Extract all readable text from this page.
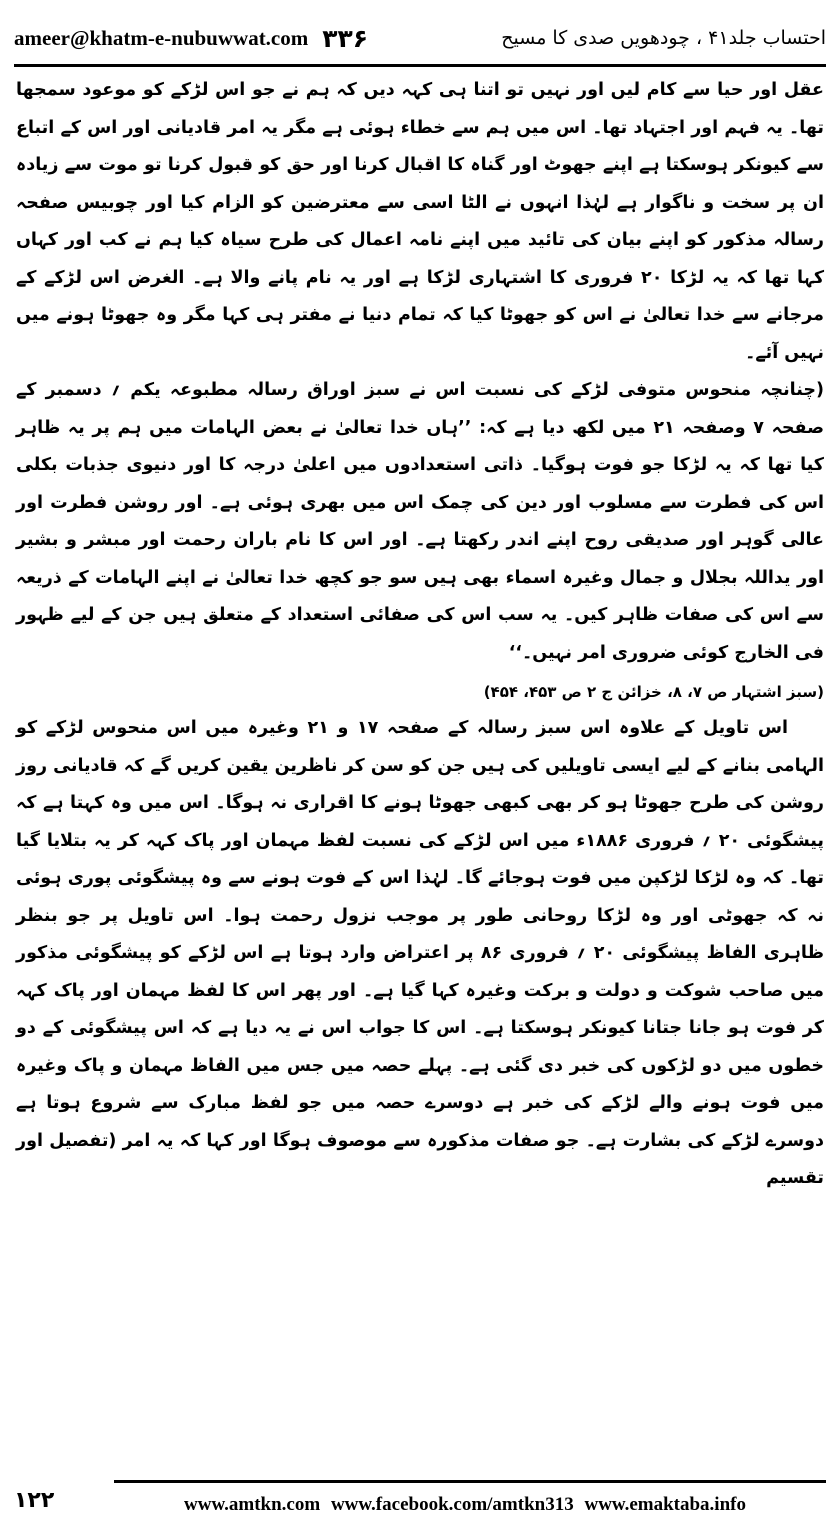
ameer@khatm-e-nubuwwat.com ۳۳۶	احتساب جلد۴۱ ، چودھویں صدی کا مسیح

عقل اور حیا سے کام لیں اور نہیں تو اتنا ہی کہہ دیں کہ ہم نے جو اس لڑکے کو موعود سمجھا تھا۔ یہ فہم اور اجتہاد تھا۔ اس میں ہم سے خطاء ہوئی ہے مگر یہ امر قادیانی اور اس کے اتباع سے کیونکر ہوسکتا ہے اپنے جھوٹ اور گناہ کا اقبال کرنا اور حق کو قبول کرنا تو موت سے زیادہ ان پر سخت و ناگوار ہے لہٰذا انہوں نے الٹا اسی سے معترضین کو الزام کیا اور چوبیس صفحہ رسالہ مذکور کو اپنے بیان کی تائید میں اپنے نامہ اعمال کی طرح سیاہ کیا ہم نے کب اور کہاں کہا تھا کہ یہ لڑکا ۲۰ فروری کا اشتہاری لڑکا ہے اور یہ نام پانے والا ہے۔ الغرض اس لڑکے کے مرجانے سے خدا تعالیٰ نے اس کو جھوٹا کیا کہ تمام دنیا نے مفتر ہی کہا مگر وہ جھوٹا ہونے میں نہیں آئے۔

(چنانچہ منحوس متوفی لڑکے کی نسبت اس نے سبز اوراق رسالہ مطبوعہ یکم ؍ دسمبر کے صفحہ ۷ وصفحہ ۲۱ میں لکھ دیا ہے کہ: ’’ہاں خدا تعالیٰ نے بعض الہامات میں ہم پر یہ ظاہر کیا تھا کہ یہ لڑکا جو فوت ہوگیا۔ ذاتی استعدادوں میں اعلیٰ درجہ کا اور دنیوی جذبات بکلی اس کی فطرت سے مسلوب اور دین کی چمک اس میں بھری ہوئی ہے۔ اور روشن فطرت اور عالی گوہر اور صدیقی روح اپنے اندر رکھتا ہے۔ اور اس کا نام باران رحمت اور مبشر و بشیر اور یداللہ بجلال و جمال وغیرہ اسماء بھی ہیں سو جو کچھ خدا تعالیٰ نے اپنے الہامات کے ذریعہ سے اس کی صفات ظاہر کیں۔ یہ سب اس کی صفائی استعداد کے متعلق ہیں جن کے لیے ظہور فی الخارج کوئی ضروری امر نہیں۔‘‘

(سبز اشتہار ص ۷، ۸، خزائن ج ۲ ص ۴۵۳، ۴۵۴)

اس تاویل کے علاوہ اس سبز رسالہ کے صفحہ ۱۷ و ۲۱ وغیرہ میں اس منحوس لڑکے کو الہامی بنانے کے لیے ایسی تاویلیں کی ہیں جن کو سن کر ناظرین یقین کریں گے کہ قادیانی روز روشن کی طرح جھوٹا ہو کر بھی کبھی جھوٹا ہونے کا اقراری نہ ہوگا۔ اس میں وہ کہتا ہے کہ پیشگوئی ۲۰ ؍ فروری ۱۸۸۶ء میں اس لڑکے کی نسبت لفظ مہمان اور پاک کہہ کر یہ بتلایا گیا تھا۔ کہ وہ لڑکا لڑکپن میں فوت ہوجائے گا۔ لہٰذا اس کے فوت ہونے سے وہ پیشگوئی پوری ہوئی نہ کہ جھوٹی اور وہ لڑکا روحانی طور پر موجب نزول رحمت ہوا۔ اس تاویل پر جو بنظر ظاہری الفاظ پیشگوئی ۲۰ ؍ فروری ۸۶ پر اعتراض وارد ہوتا ہے اس لڑکے کو پیشگوئی مذکور میں صاحب شوکت و دولت و برکت وغیرہ کہا گیا ہے۔ اور پھر اس کا لفظ مہمان اور پاک کہہ کر فوت ہو جانا جتانا کیونکر ہوسکتا ہے۔ اس کا جواب اس نے یہ دیا ہے کہ اس پیشگوئی کے دو خطوں میں دو لڑکوں کی خبر دی گئی ہے۔ پہلے حصہ میں جس میں الفاظ مہمان و پاک وغیرہ میں فوت ہونے والے لڑکے کی خبر ہے دوسرے حصہ میں جو لفظ مبارک سے شروع ہوتا ہے دوسرے لڑکے کی بشارت ہے۔ جو صفات مذکورہ سے موصوف ہوگا اور کہا کہ یہ امر (تفصیل اور تقسیم

۱۲۲	www.amtkn.com www.facebook.com/amtkn313 www.emaktaba.info
